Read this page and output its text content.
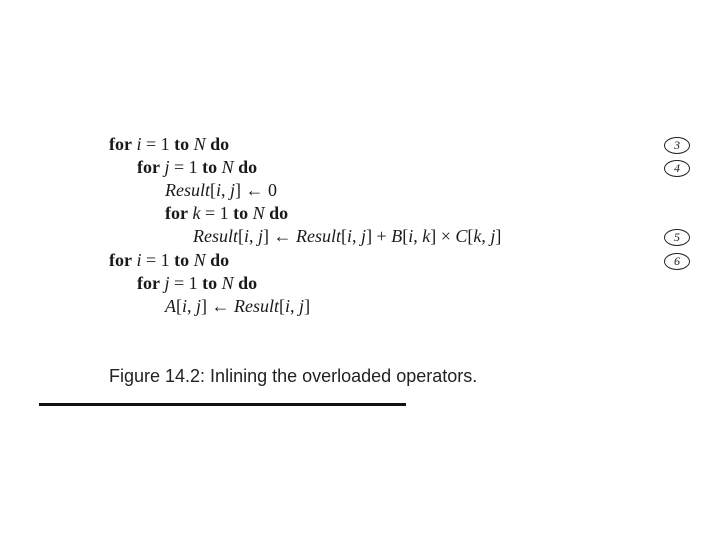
for i = 1 to N do	3
for j = 1 to N do	4
Result[i, j] ← 0
for k = 1 to N do
Result[i, j] ← Result[i, j] + B[i, k] × C[k, j]	5
for i = 1 to N do	6
for j = 1 to N do
A[i, j] ← Result[i, j]
Figure 14.2: Inlining the overloaded operators.
